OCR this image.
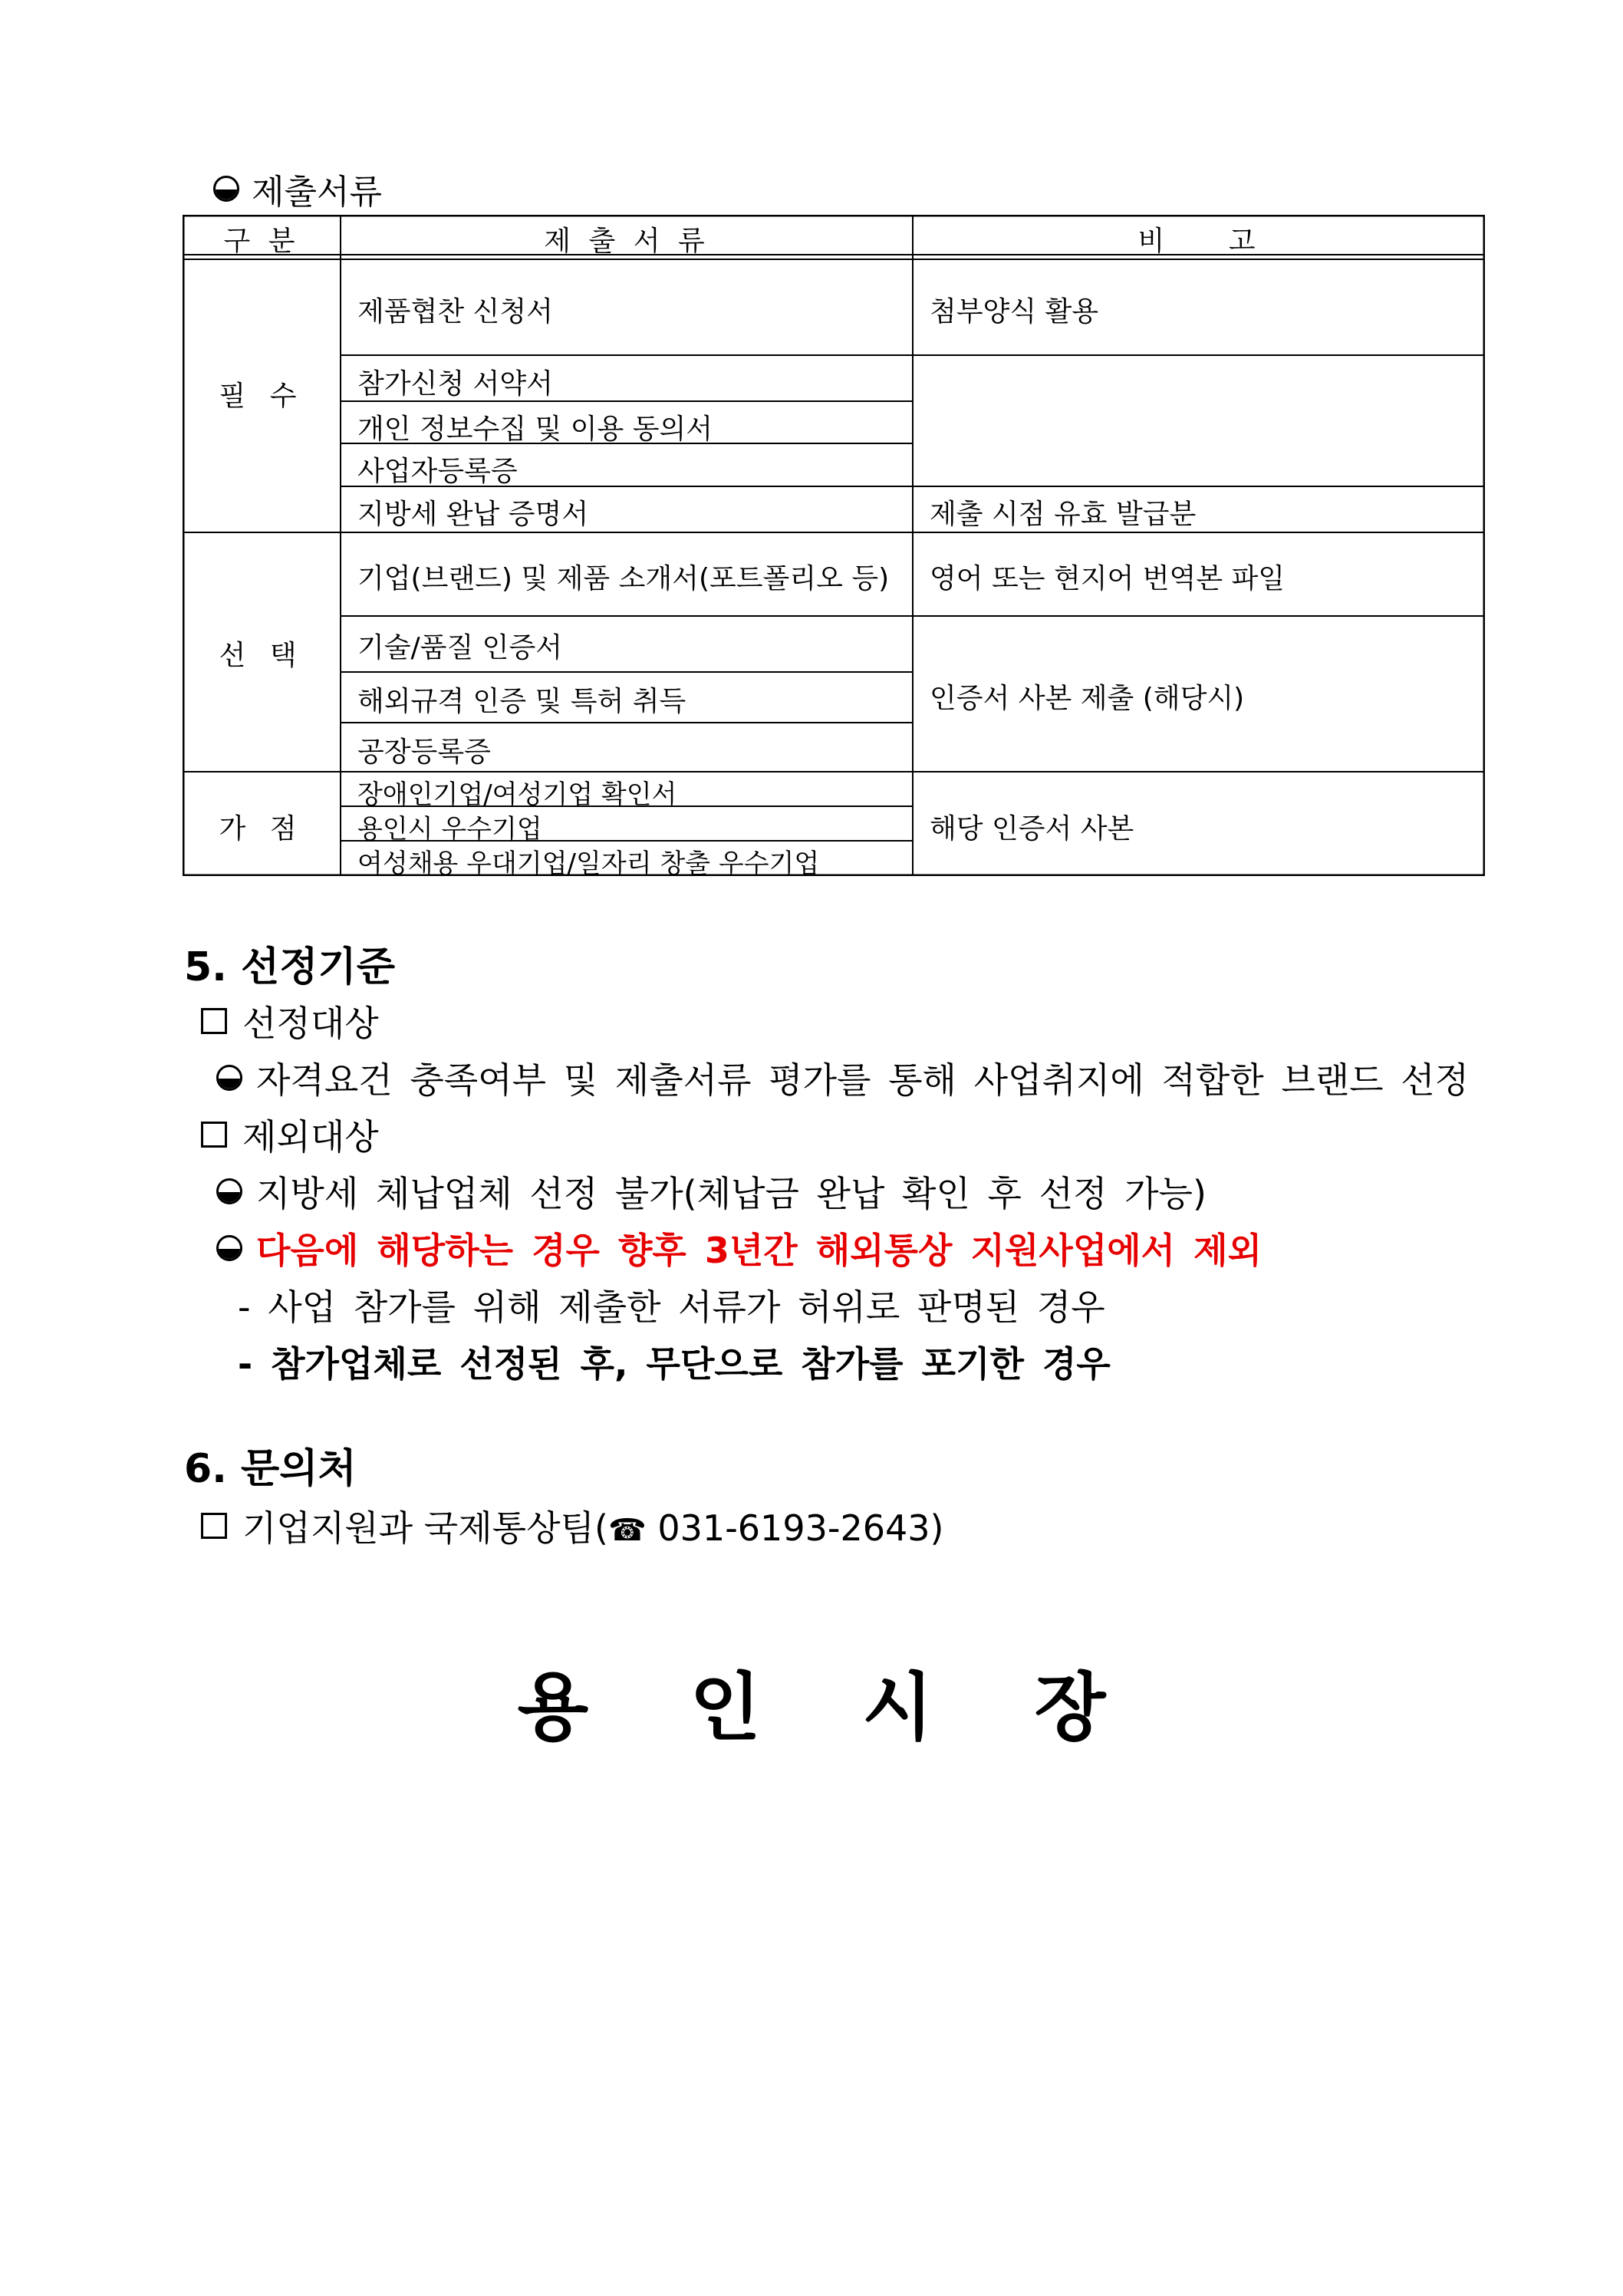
제출서류
구 분	제 출 서 류	비 고
필 수
선 택
가 점
제품협찬 신청서
참가신청 서약서
개인 정보수집 및 이용 동의서
사업자등록증
지방세 완납 증명서
기업(브랜드) 및 제품 소개서(포트폴리오 등)
기술/품질 인증서
해외규격 인증 및 특허 취득
공장등록증
장애인기업/여성기업 확인서
용인시 우수기업
여성채용 우대기업/일자리 창출 우수기업
첨부양식 활용
제출 시점 유효 발급분
영어 또는 현지어 번역본 파일
인증서 사본 제출 (해당시)
해당 인증서 사본
5. 선정기준
선정대상
자격요건 충족여부 및 제출서류 평가를 통해 사업취지에 적합한 브랜드 선정
제외대상
지방세 체납업체 선정 불가(체납금 완납 확인 후 선정 가능)
다음에 해당하는 경우 향후 3년간 해외통상 지원사업에서 제외
- 사업 참가를 위해 제출한 서류가 허위로 판명된 경우
- 참가업체로 선정된 후, 무단으로 참가를 포기한 경우
6. 문의처
기업지원과 국제통상팀(☎ 031-6193-2643)
용 인 시 장
